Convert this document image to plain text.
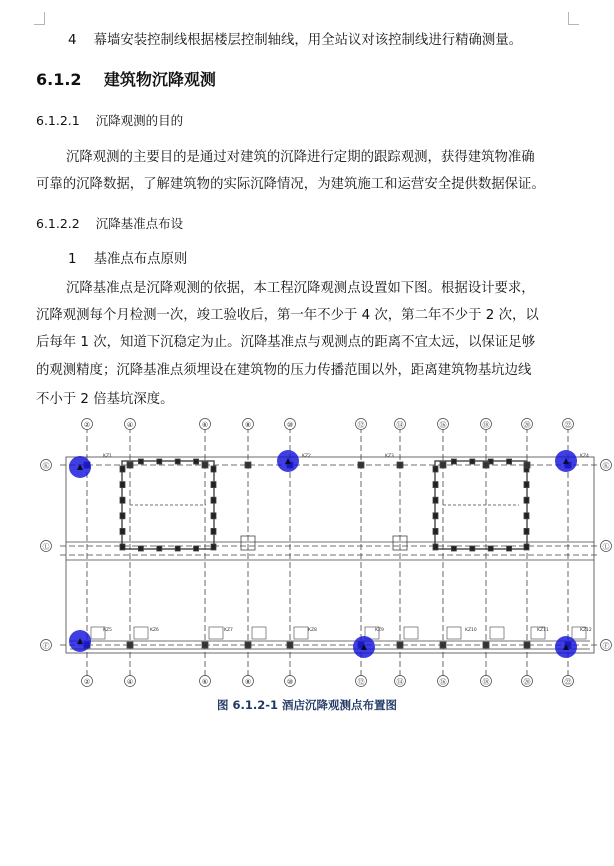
4 幕墙安装控制线根据楼层控制轴线，用全站议对该控制线进行精确测量。
6.1.2 建筑物沉降观测
6.1.2.1 沉降观测的目的
沉降观测的主要目的是通过对建筑的沉降进行定期的跟踪观测，获得建筑物准确
可靠的沉降数据，了解建筑物的实际沉降情况，为建筑施工和运营安全提供数据保证。
6.1.2.2 沉降基准点布设
1 基准点布点原则
沉降基准点是沉降观测的依据，本工程沉降观测点设置如下图。根据设计要求，
沉降观测每个月检测一次，竣工验收后，第一年不少于 4 次，第二年不少于 2 次，以
后每年 1 次，知道下沉稳定为止。沉降基准点与观测点的距离不宜太远，以保证足够
的观测精度；沉降基准点须埋设在建筑物的压力传播范围以外，距离建筑物基坑边线
不小于 2 倍基坑深度。
KZ1	KZ2	KZ3	KZ4
KZ5	KZ6	KZ7	KZ8	KZ9	KZ10	KZ11	KZ12
②
②
④
④
⑥
⑥
⑧
⑧
⑩
⑩
⑫
⑫
⑭
⑭
⑯
⑯
⑱
⑱
⑳
⑳
㉒
㉒
Ⓚ	Ⓚ
Ⓛ	Ⓛ
Ⓕ	Ⓕ
图 6.1.2-1 酒店沉降观测点布置图
